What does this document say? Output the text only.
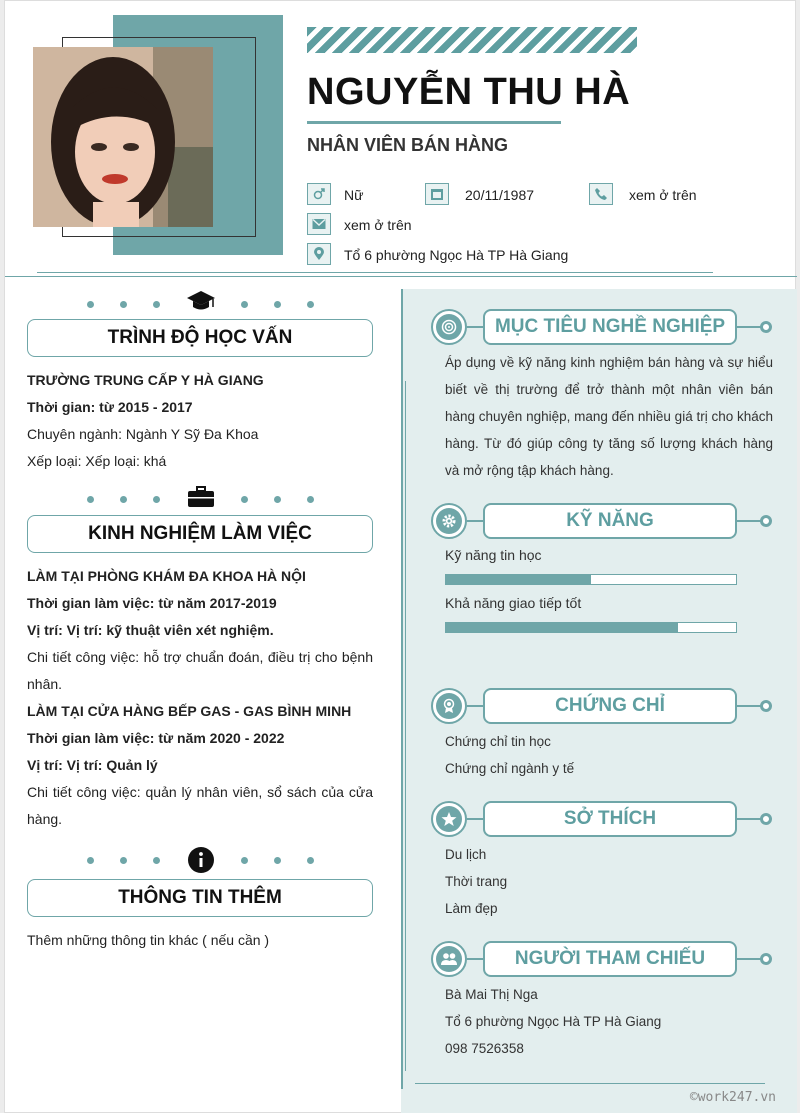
NGUYỄN THU HÀ
NHÂN VIÊN BÁN HÀNG
Nữ	20/11/1987	xem ở trên
xem ở trên
Tổ 6 phường Ngọc Hà TP Hà Giang
TRÌNH ĐỘ HỌC VẤN
TRƯỜNG TRUNG CẤP Y HÀ GIANG
Thời gian: từ 2015 - 2017
Chuyên ngành: Ngành Y Sỹ Đa Khoa
Xếp loại: Xếp loại: khá
KINH NGHIỆM LÀM VIỆC
LÀM TẠI PHÒNG KHÁM ĐA KHOA HÀ NỘI
Thời gian làm việc: từ năm 2017-2019
Vị trí: Vị trí: kỹ thuật viên xét nghiệm.
Chi tiết công việc: hỗ trợ chuẩn đoán, điều trị cho bệnh nhân.
LÀM TẠI CỬA HÀNG BẾP GAS - GAS BÌNH MINH
Thời gian làm việc: từ năm 2020 - 2022
Vị trí: Vị trí: Quản lý
Chi tiết công việc: quản lý nhân viên, sổ sách của cửa hàng.
THÔNG TIN THÊM
Thêm những thông tin khác ( nếu cần )
MỤC TIÊU NGHỀ NGHIỆP
Áp dụng về kỹ năng kinh nghiệm bán hàng và sự hiểu biết về thị trường để trở thành một nhân viên bán hàng chuyên nghiệp, mang đến nhiều giá trị cho khách hàng. Từ đó giúp công ty tăng số lượng khách hàng và mở rộng tập khách hàng.
KỸ NĂNG
Kỹ năng tin học
Khả năng giao tiếp tốt
CHỨNG CHỈ
Chứng chỉ tin học
Chứng chỉ ngành y tế
SỞ THÍCH
Du lịch
Thời trang
Làm đẹp
NGƯỜI THAM CHIẾU
Bà Mai Thị Nga
Tổ 6 phường Ngọc Hà TP Hà Giang
098 7526358
©work247.vn
